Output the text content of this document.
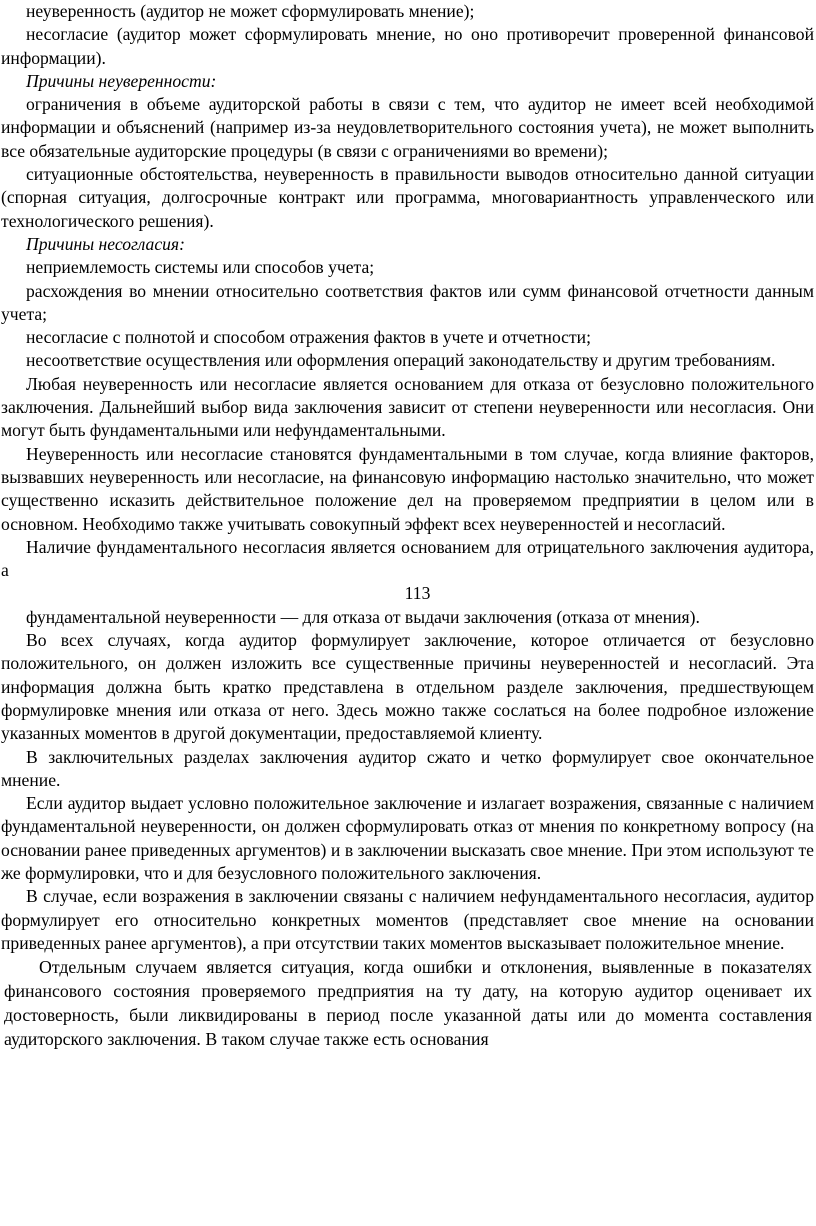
неуверенность (аудитор не может сформулировать мнение);

несогласие (аудитор может сформулировать мнение, но оно противоречит проверенной финансовой информации).

Причины неуверенности:

ограничения в объеме аудиторской работы в связи с тем, что аудитор не имеет всей необходимой информации и объяснений (например из-за неудовлетворительного состояния учета), не может выполнить все обязательные аудиторские процедуры (в связи с ограничениями во времени);

ситуационные обстоятельства, неуверенность в правильности выводов относительно данной ситуации (спорная ситуация, долгосрочные контракт или программа, многовариантность управленческого или технологического решения).

Причины несогласия:

неприемлемость системы или способов учета;

расхождения во мнении относительно соответствия фактов или сумм финансовой отчетности данным учета;

несогласие с полнотой и способом отражения фактов в учете и отчетности;

несоответствие осуществления или оформления операций законодательству и другим требованиям.

Любая неуверенность или несогласие является основанием для отказа от безусловно положительного заключения. Дальнейший выбор вида заключения зависит от степени неуверенности или несогласия. Они могут быть фундаментальными или нефундаментальными.

Неуверенность или несогласие становятся фундаментальными в том случае, когда влияние факторов, вызвавших неуверенность или несогласие, на финансовую информацию настолько значительно, что может существенно исказить действительное положение дел на проверяемом предприятии в целом или в основном. Необходимо также учитывать совокупный эффект всех неуверенностей и несогласий.

Наличие фундаментального несогласия является основанием для отрицательного заключения аудитора, а

113

фундаментальной неуверенности — для отказа от выдачи заключения (отказа от мнения).

Во всех случаях, когда аудитор формулирует заключение, которое отличается от безусловно положительного, он должен изложить все существенные причины неуверенностей и несогласий. Эта информация должна быть кратко представлена в отдельном разделе заключения, предшествующем формулировке мнения или отказа от него. Здесь можно также сослаться на более подробное изложение указанных моментов в другой документации, предоставляемой клиенту.

В заключительных разделах заключения аудитор сжато и четко формулирует свое окончательное мнение.

Если аудитор выдает условно положительное заключение и излагает возражения, связанные с наличием фундаментальной неуверенности, он должен сформулировать отказ от мнения по конкретному вопросу (на основании ранее приведенных аргументов) и в заключении высказать свое мнение. При этом используют те же формулировки, что и для безусловного положительного заключения.

В случае, если возражения в заключении связаны с наличием нефундаментального несогласия, аудитор формулирует его относительно конкретных моментов (представляет свое мнение на основании приведенных ранее аргументов), а при отсутствии таких моментов высказывает положительное мнение.

Отдельным случаем является ситуация, когда ошибки и отклонения, выявленные в показателях финансового состояния проверяемого предприятия на ту дату, на которую аудитор оценивает их достоверность, были ликвидированы в период после указанной даты или до момента составления аудиторского заключения. В таком случае также есть основания
